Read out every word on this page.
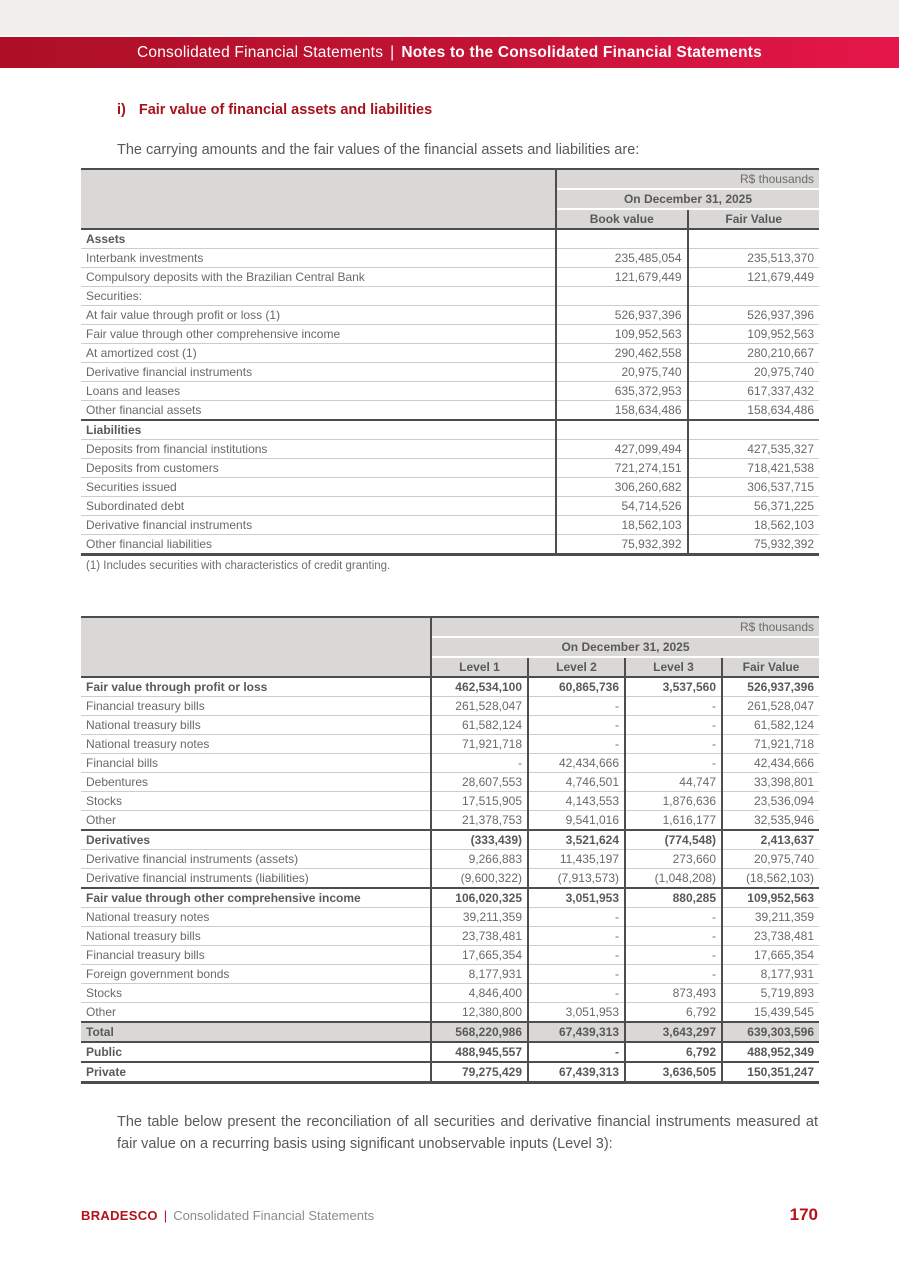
Consolidated Financial Statements | Notes to the Consolidated Financial Statements
i) Fair value of financial assets and liabilities
The carrying amounts and the fair values of the financial assets and liabilities are:
	R$ thousands	
	On December 31, 2025	
	Book value	Fair Value
Assets		
Interbank investments	235,485,054	235,513,370
Compulsory deposits with the Brazilian Central Bank	121,679,449	121,679,449
Securities:		
At fair value through profit or loss (1)	526,937,396	526,937,396
Fair value through other comprehensive income	109,952,563	109,952,563
At amortized cost (1)	290,462,558	280,210,667
Derivative financial instruments	20,975,740	20,975,740
Loans and leases	635,372,953	617,337,432
Other financial assets	158,634,486	158,634,486
Liabilities		
Deposits from financial institutions	427,099,494	427,535,327
Deposits from customers	721,274,151	718,421,538
Securities issued	306,260,682	306,537,715
Subordinated debt	54,714,526	56,371,225
Derivative financial instruments	18,562,103	18,562,103
Other financial liabilities	75,932,392	75,932,392
(1) Includes securities with characteristics of credit granting.
	R$ thousands			
	On December 31, 2025			
	Level 1	Level 2	Level 3	Fair Value
Fair value through profit or loss	462,534,100	60,865,736	3,537,560	526,937,396
Financial treasury bills	261,528,047	-	-	261,528,047
National treasury bills	61,582,124	-	-	61,582,124
National treasury notes	71,921,718	-	-	71,921,718
Financial bills	-	42,434,666	-	42,434,666
Debentures	28,607,553	4,746,501	44,747	33,398,801
Stocks	17,515,905	4,143,553	1,876,636	23,536,094
Other	21,378,753	9,541,016	1,616,177	32,535,946
Derivatives	(333,439)	3,521,624	(774,548)	2,413,637
Derivative financial instruments (assets)	9,266,883	11,435,197	273,660	20,975,740
Derivative financial instruments (liabilities)	(9,600,322)	(7,913,573)	(1,048,208)	(18,562,103)
Fair value through other comprehensive income	106,020,325	3,051,953	880,285	109,952,563
National treasury notes	39,211,359	-	-	39,211,359
National treasury bills	23,738,481	-	-	23,738,481
Financial treasury bills	17,665,354	-	-	17,665,354
Foreign government bonds	8,177,931	-	-	8,177,931
Stocks	4,846,400	-	873,493	5,719,893
Other	12,380,800	3,051,953	6,792	15,439,545
Total	568,220,986	67,439,313	3,643,297	639,303,596
Public	488,945,557	-	6,792	488,952,349
Private	79,275,429	67,439,313	3,636,505	150,351,247
The table below present the reconciliation of all securities and derivative financial instruments measured at fair value on a recurring basis using significant unobservable inputs (Level 3):
BRADESCO | Consolidated Financial Statements	170
